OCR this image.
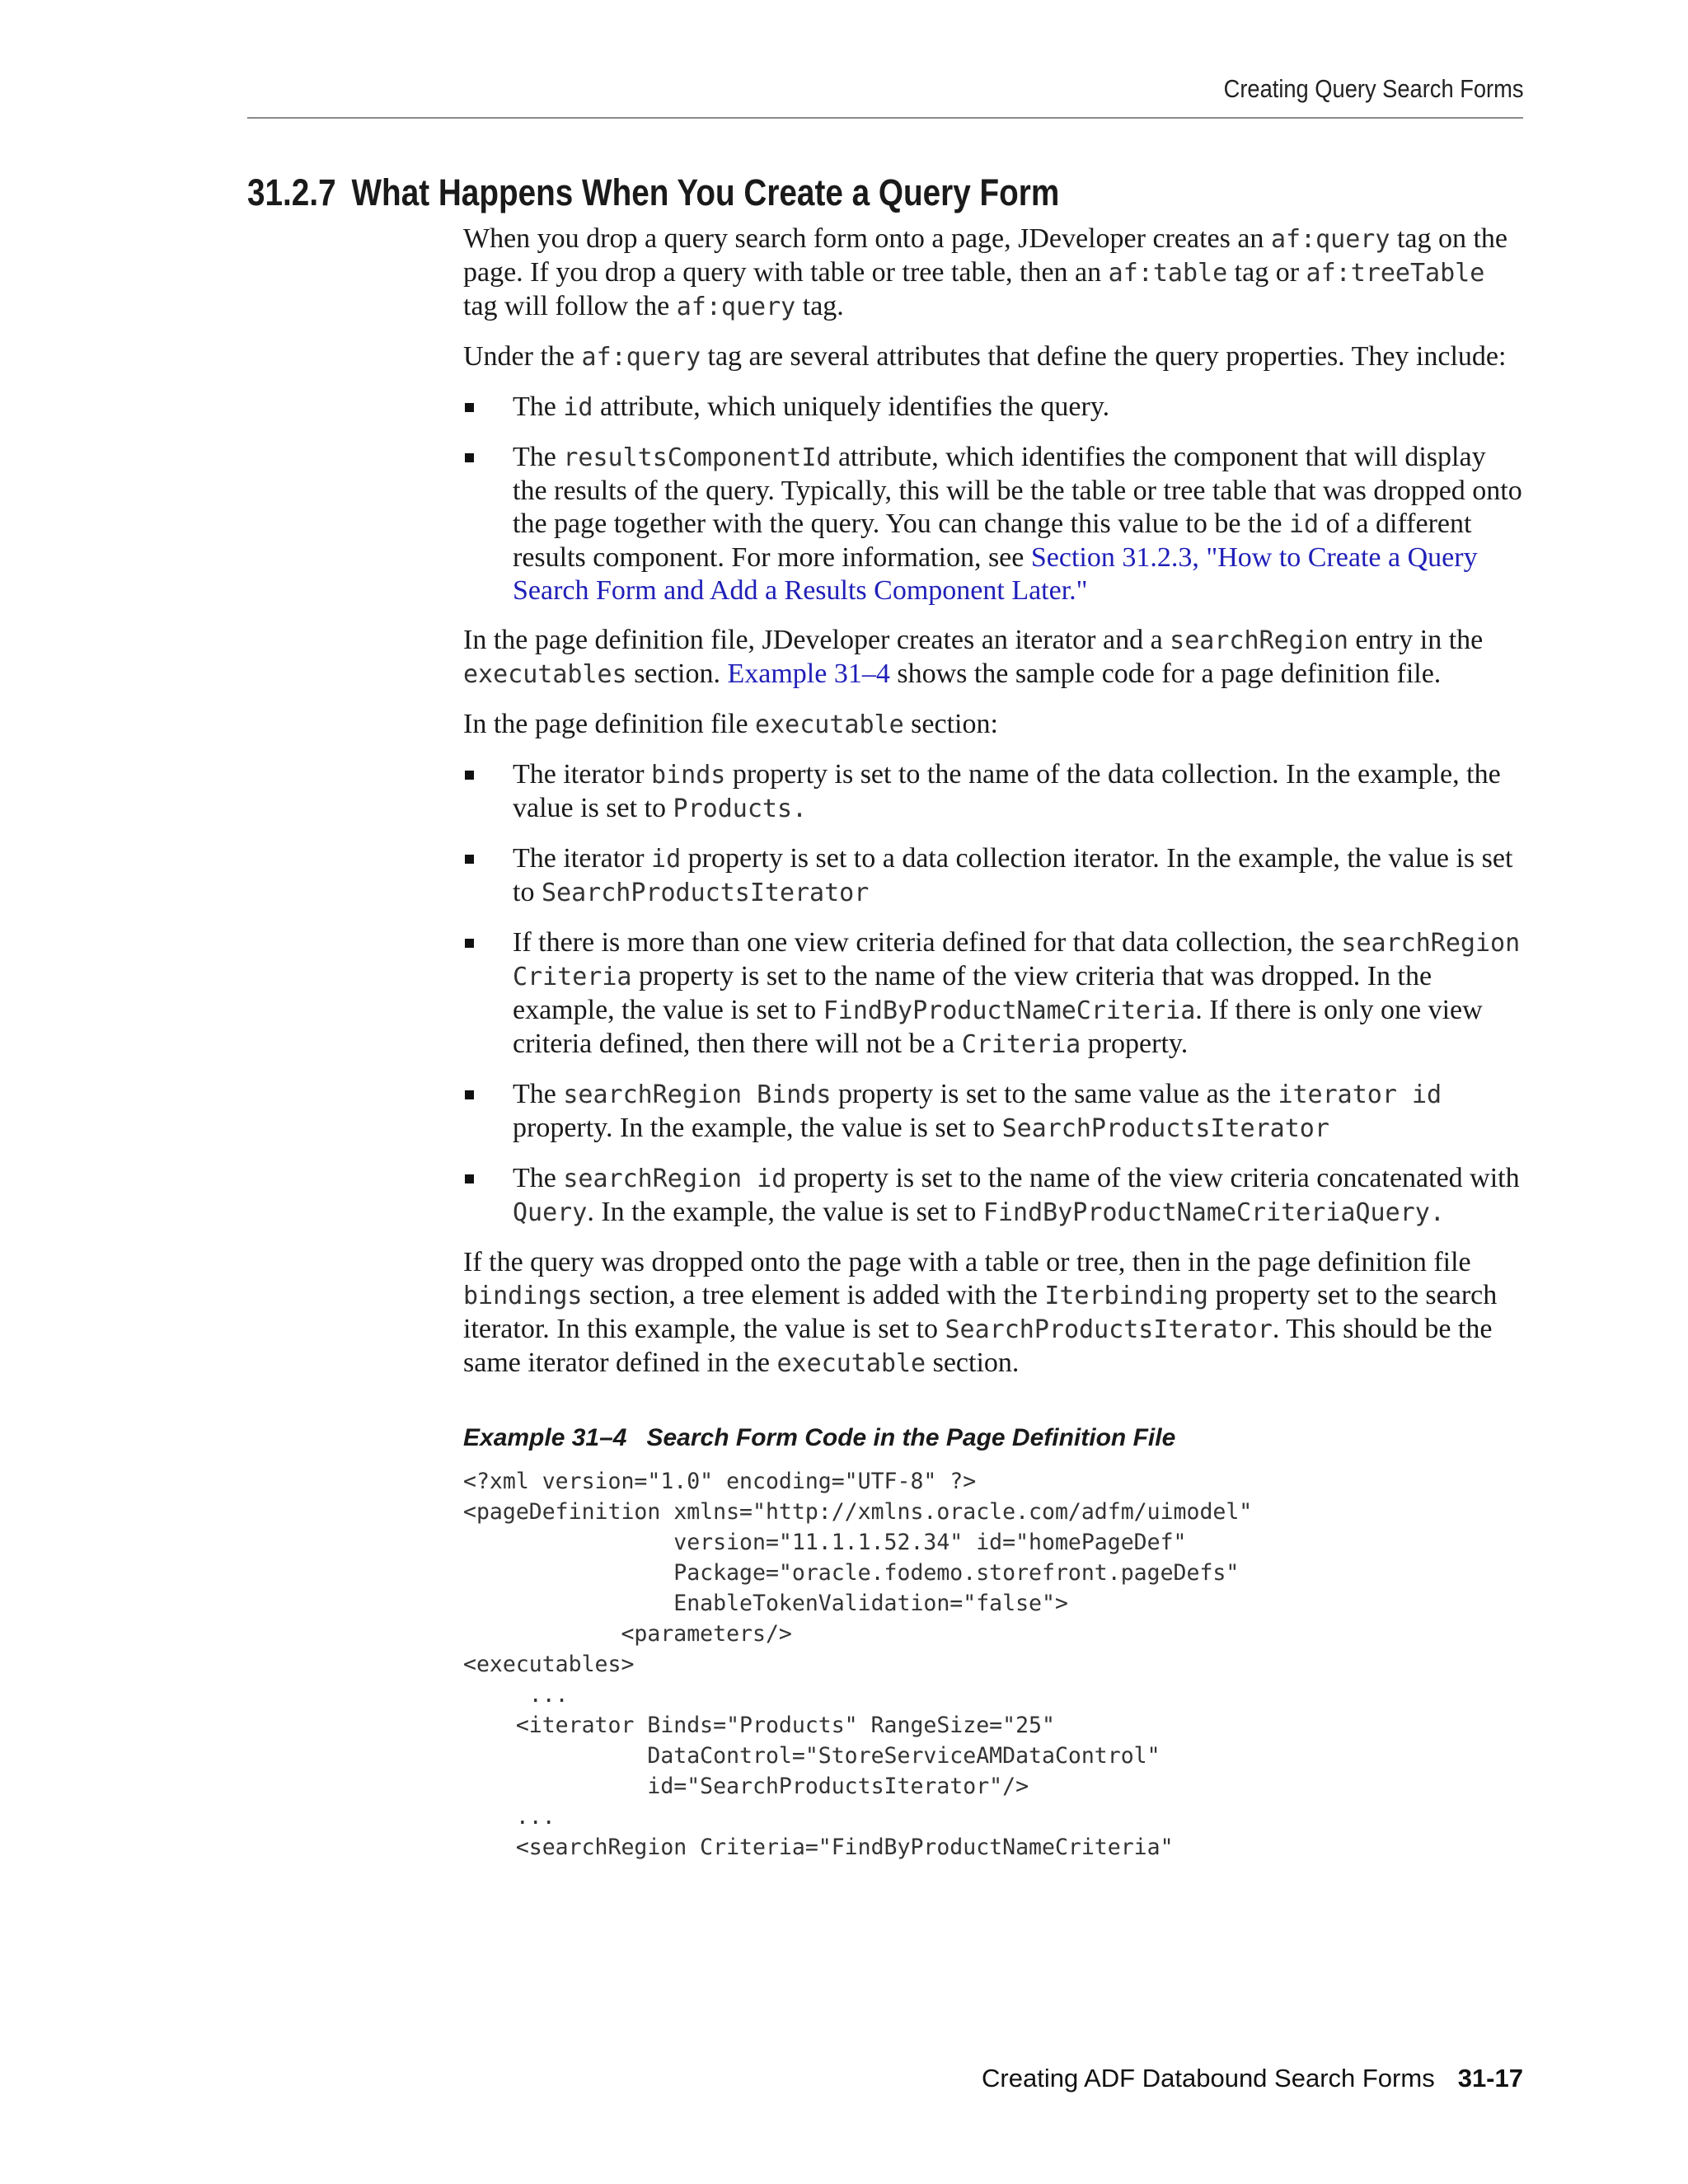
Creating Query Search Forms
31.2.7 What Happens When You Create a Query Form

When you drop a query search form onto a page, JDeveloper creates an af:query tag on the page. If you drop a query with table or tree table, then an af:table tag or af:treeTable tag will follow the af:query tag.

Under the af:query tag are several attributes that define the query properties. They include:

The id attribute, which uniquely identifies the query.
The resultsComponentId attribute, which identifies the component that will display the results of the query. Typically, this will be the table or tree table that was dropped onto the page together with the query. You can change this value to be the id of a different results component. For more information, see Section 31.2.3, "How to Create a Query Search Form and Add a Results Component Later."

In the page definition file, JDeveloper creates an iterator and a searchRegion entry in the executables section. Example 31–4 shows the sample code for a page definition file.

In the page definition file executable section:

The iterator binds property is set to the name of the data collection. In the example, the value is set to Products.
The iterator id property is set to a data collection iterator. In the example, the value is set to SearchProductsIterator
If there is more than one view criteria defined for that data collection, the searchRegion Criteria property is set to the name of the view criteria that was dropped. In the example, the value is set to FindByProductNameCriteria. If there is only one view criteria defined, then there will not be a Criteria property.
The searchRegion Binds property is set to the same value as the iterator id property. In the example, the value is set to SearchProductsIterator
The searchRegion id property is set to the name of the view criteria concatenated with Query. In the example, the value is set to FindByProductNameCriteriaQuery.

If the query was dropped onto the page with a table or tree, then in the page definition file bindings section, a tree element is added with the Iterbinding property set to the search iterator. In this example, the value is set to SearchProductsIterator. This should be the same iterator defined in the executable section.

Example 31–4 Search Form Code in the Page Definition File
<?xml version="1.0" encoding="UTF-8" ?>
<pageDefinition xmlns="http://xmlns.oracle.com/adfm/uimodel"
version="11.1.1.52.34" id="homePageDef"
Package="oracle.fodemo.storefront.pageDefs"
EnableTokenValidation="false">
<parameters/>
<executables>
...
<iterator Binds="Products" RangeSize="25"
DataControl="StoreServiceAMDataControl"
id="SearchProductsIterator"/>
...
<searchRegion Criteria="FindByProductNameCriteria"
Creating ADF Databound Search Forms 31-17
